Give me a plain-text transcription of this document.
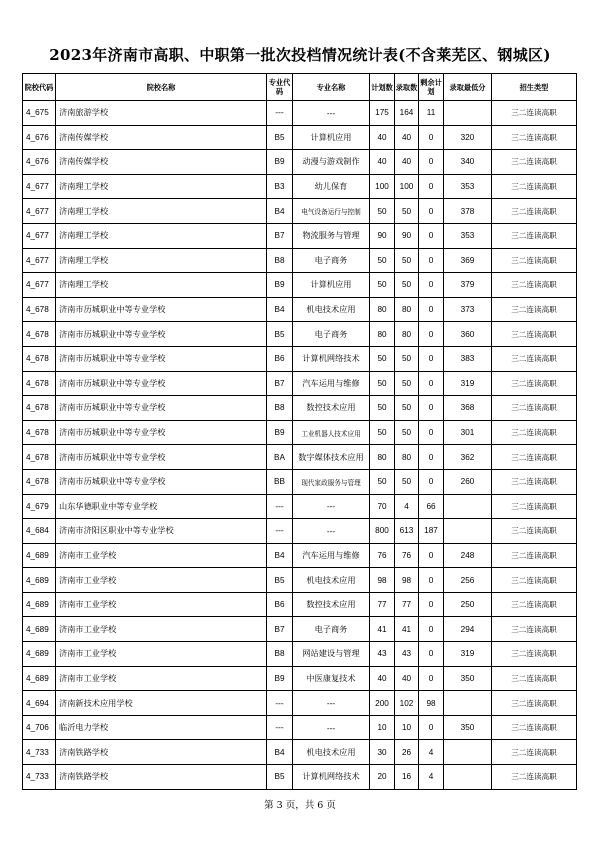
2023年济南市高职、中职第一批次投档情况统计表(不含莱芜区、钢城区)
院校代码	院校名称	专业代码	专业名称	计划数	录取数	剩余计划	录取最低分	招生类型
4_675	济南旅游学校	---	---	175	164	11		三二连读高职
4_676	济南传媒学校	B5	计算机应用	40	40	0	320	三二连读高职
4_676	济南传媒学校	B9	动漫与游戏制作	40	40	0	340	三二连读高职
4_677	济南理工学校	B3	幼儿保育	100	100	0	353	三二连读高职
4_677	济南理工学校	B4	电气设备运行与控制	50	50	0	378	三二连读高职
4_677	济南理工学校	B7	物流服务与管理	90	90	0	353	三二连读高职
4_677	济南理工学校	B8	电子商务	50	50	0	369	三二连读高职
4_677	济南理工学校	B9	计算机应用	50	50	0	379	三二连读高职
4_678	济南市历城职业中等专业学校	B4	机电技术应用	80	80	0	373	三二连读高职
4_678	济南市历城职业中等专业学校	B5	电子商务	80	80	0	360	三二连读高职
4_678	济南市历城职业中等专业学校	B6	计算机网络技术	50	50	0	383	三二连读高职
4_678	济南市历城职业中等专业学校	B7	汽车运用与维修	50	50	0	319	三二连读高职
4_678	济南市历城职业中等专业学校	B8	数控技术应用	50	50	0	368	三二连读高职
4_678	济南市历城职业中等专业学校	B9	工业机器人技术应用	50	50	0	301	三二连读高职
4_678	济南市历城职业中等专业学校	BA	数字媒体技术应用	80	80	0	362	三二连读高职
4_678	济南市历城职业中等专业学校	BB	现代家政服务与管理	50	50	0	260	三二连读高职
4_679	山东华德职业中等专业学校	---	---	70	4	66		三二连读高职
4_684	济南市济阳区职业中等专业学校	---	---	800	613	187		三二连读高职
4_689	济南市工业学校	B4	汽车运用与维修	76	76	0	248	三二连读高职
4_689	济南市工业学校	B5	机电技术应用	98	98	0	256	三二连读高职
4_689	济南市工业学校	B6	数控技术应用	77	77	0	250	三二连读高职
4_689	济南市工业学校	B7	电子商务	41	41	0	294	三二连读高职
4_689	济南市工业学校	B8	网站建设与管理	43	43	0	319	三二连读高职
4_689	济南市工业学校	B9	中医康复技术	40	40	0	350	三二连读高职
4_694	济南新技术应用学校	---	---	200	102	98		三二连读高职
4_706	临沂电力学校	---	---	10	10	0	350	三二连读高职
4_733	济南铁路学校	B4	机电技术应用	30	26	4		三二连读高职
4_733	济南铁路学校	B5	计算机网络技术	20	16	4		三二连读高职
第 3 页，共 6 页
